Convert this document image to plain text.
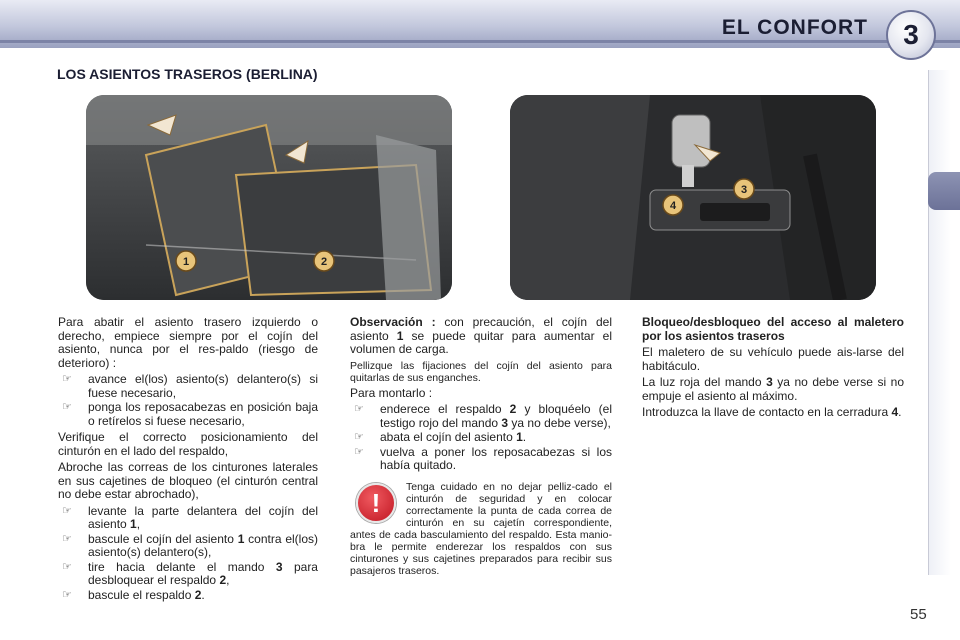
EL CONFORT	3
LOS ASIENTOS TRASEROS (BERLINA)
1	2
3
4

Para abatir el asiento trasero izquierdo o derecho, empiece siempre por el cojín del asiento, nunca por el res-paldo (riesgo de deterioro) :

☞ avance el(los) asiento(s) delantero(s) si fuese necesario,
☞ ponga los reposacabezas en posición baja o retírelos si fuese necesario,

Verifique el correcto posicionamiento del cinturón en el lado del respaldo,

Abroche las correas de los cinturones laterales en sus cajetines de bloqueo (el cinturón central no debe estar abrochado),

☞ levante la parte delantera del cojín del asiento 1,
☞ bascule el cojín del asiento 1 contra el(los) asiento(s) delantero(s),
☞ tire hacia delante el mando 3 para desbloquear el respaldo 2,
☞ bascule el respaldo 2.

Observación : con precaución, el cojín del asiento 1 se puede quitar para aumentar el volumen de carga.

Pellizque las fijaciones del cojín del asiento para quitarlas de sus enganches.

Para montarlo :

☞ enderece el respaldo 2 y bloquéelo (el testigo rojo del mando 3 ya no debe verse),
☞ abata el cojín del asiento 1.
☞ vuelva a poner los reposacabezas si los había quitado.
!
Tenga cuidado en no dejar pelliz-cado el cinturón de seguridad y en colocar correctamente la punta de cada correa de cinturón en su cajetín correspondiente, antes de cada basculamiento del respaldo. Esta manio-bra le permite enderezar los respaldos con sus cinturones y sus cajetines preparados para recibir sus pasajeros traseros.

Bloqueo/desbloqueo del acceso al maletero por los asientos traseros

El maletero de su vehículo puede ais-larse del habitáculo.

La luz roja del mando 3 ya no debe verse si no empuje el asiento al máximo.

Introduzca la llave de contacto en la cerradura 4.

55
